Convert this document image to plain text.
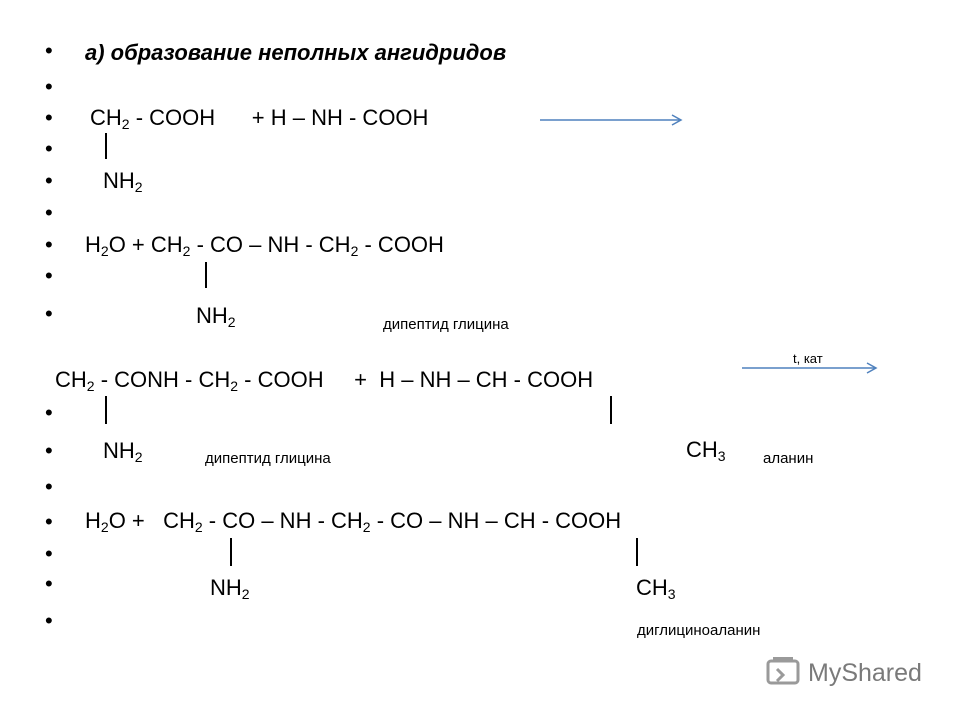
•
•
•
•
•
•
•
•
•
•
•
•
•
•
•
•
а) образование неполных ангидридов
$CH_2$ - COOH      + H – NH - COOH
$NH_2$
$H_2O + CH_2$ - CO – NH - $CH_2$ - COOH
$NH_2$	дипептид глицина
t, кат
$CH_2$ - CONH - $CH_2$ - COOH     +  H – NH – CH - COOH
$NH_2$	дипептид глицина	$CH_3$ аланин
$H_2O + CH_2$ - CO – NH - $CH_2$ - CO – NH – CH - COOH
$NH_2$	$CH_3$
диглициноаланин
MyShared
